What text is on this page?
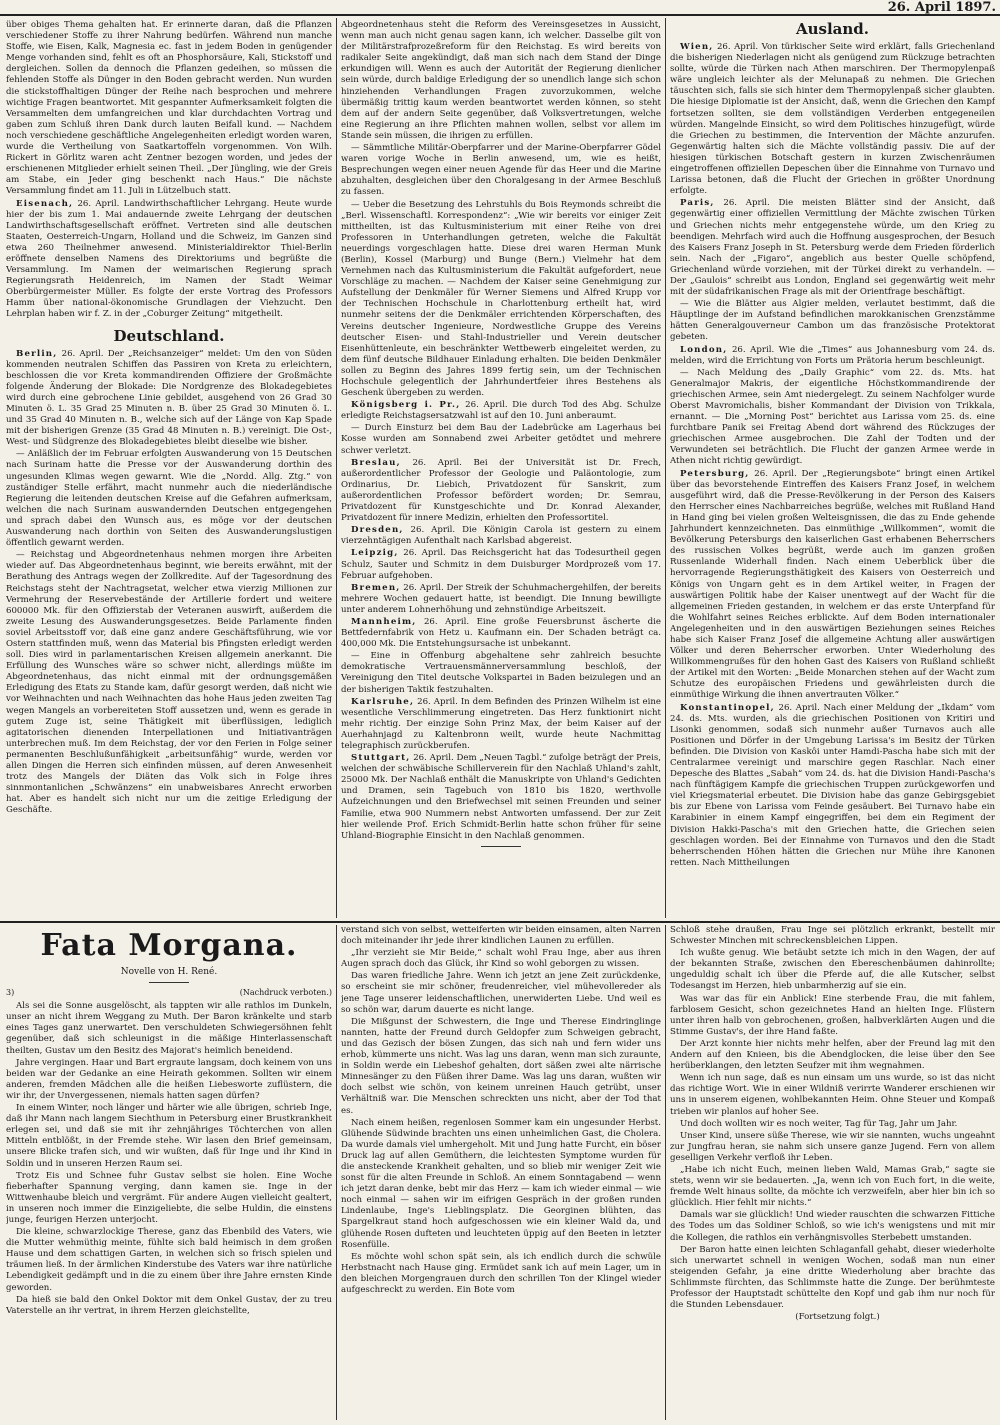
26. April 1897.

über obiges Thema gehalten hat. Er erinnerte daran, daß die Pflanzen verschiedener Stoffe zu ihrer Nahrung bedürfen. Während nun manche Stoffe, wie Eisen, Kalk, Magnesia ec. fast in jedem Boden in genügender Menge vorhanden sind, fehlt es oft an Phosphorsäure, Kali, Stickstoff und dergleichen. Sollen da dennoch die Pflanzen gedeihen, so müssen die fehlenden Stoffe als Dünger in den Boden gebracht werden. Nun wurden die stickstoffhaltigen Dünger der Reihe nach besprochen und mehrere wichtige Fragen beantwortet. Mit gespannter Aufmerksamkeit folgten die Versammelten dem umfangreichen und klar durchdachten Vortrag und gaben zum Schluß ihren Dank durch lauten Beifall kund. — Nachdem noch verschiedene geschäftliche Angelegenheiten erledigt worden waren, wurde die Vertheilung von Saatkartoffeln vorgenommen. Von Wilh. Rickert in Görlitz waren acht Zentner bezogen worden, und jedes der erschienenen Mitglieder erhielt seinen Theil. „Der Jüngling, wie der Greis am Stabe, ein Jeder ging beschenkt nach Haus.“ Die nächste Versammlung findet am 11. Juli in Lützelbuch statt.

Eisenach, 26. April. Landwirthschaftlicher Lehrgang. Heute wurde hier der bis zum 1. Mai andauernde zweite Lehrgang der deutschen Landwirthschaftsgesellschaft eröffnet. Vertreten sind alle deutschen Staaten, Oesterreich-Ungarn, Holland und die Schweiz, im Ganzen sind etwa 260 Theilnehmer anwesend. Ministerialdirektor Thiel-Berlin eröffnete denselben Namens des Direktoriums und begrüßte die Versammlung. Im Namen der weimarischen Regierung sprach Regierungsrath Heidenreich, im Namen der Stadt Weimar Oberbürgermeister Müller. Es folgte der erste Vortrag des Professors Hamm über national-ökonomische Grundlagen der Viehzucht. Den Lehrplan haben wir f. Z. in der „Coburger Zeitung“ mitgetheilt.

Deutschland.

Berlin, 26. April. Der „Reichsanzeiger“ meldet: Um den von Süden kommenden neutralen Schiffen das Passiren von Kreta zu erleichtern, beschlossen die vor Kreta kommandirenden Offiziere der Großmächte folgende Änderung der Blokade: Die Nordgrenze des Blokadegebietes wird durch eine gebrochene Linie gebildet, ausgehend von 26 Grad 30 Minuten ö. L. 35 Grad 25 Minuten n. B. über 25 Grad 30 Minuten ö. L. und 35 Grad 40 Minuten n. B., welche sich auf der Länge von Kap Spade mit der bisherigen Grenze (35 Grad 48 Minuten n. B.) vereinigt. Die Ost-, West- und Südgrenze des Blokadegebietes bleibt dieselbe wie bisher.

— Anläßlich der im Februar erfolgten Auswanderung von 15 Deutschen nach Surinam hatte die Presse vor der Auswanderung dorthin des ungesunden Klimas wegen gewarnt. Wie die „Nordd. Allg. Ztg.“ von zuständiger Stelle erfährt, macht nunmehr auch die niederländische Regierung die leitenden deutschen Kreise auf die Gefahren aufmerksam, welchen die nach Surinam auswandernden Deutschen entgegengehen und sprach dabei den Wunsch aus, es möge vor der deutschen Auswanderung nach dorthin von Seiten des Auswanderungslustigen öffentlich gewarnt werden.

— Reichstag und Abgeordnetenhaus nehmen morgen ihre Arbeiten wieder auf. Das Abgeordnetenhaus beginnt, wie bereits erwähnt, mit der Berathung des Antrags wegen der Zollkredite. Auf der Tagesordnung des Reichstags steht der Nachtragsetat, welcher etwa vierzig Millionen zur Vermehrung der Reservebestände der Artillerie fordert und weitere 600000 Mk. für den Offizierstab der Veteranen auswirft, außerdem die zweite Lesung des Auswanderungsgesetzes. Beide Parlamente finden soviel Arbeitsstoff vor, daß eine ganz andere Geschäftsführung, wie vor Ostern stattfinden muß, wenn das Material bis Pfingsten erledigt werden soll. Dies wird in parlamentarischen Kreisen allgemein anerkannt. Die Erfüllung des Wunsches wäre so schwer nicht, allerdings müßte im Abgeordnetenhaus, das nicht einmal mit der ordnungsgemäßen Erledigung des Etats zu Stande kam, dafür gesorgt werden, daß nicht wie vor Weihnachten und nach Weihnachten das hohe Haus jeden zweiten Tag wegen Mangels an vorbereiteten Stoff aussetzen und, wenn es gerade in gutem Zuge ist, seine Thätigkeit mit überflüssigen, lediglich agitatorischen dienenden Interpellationen und Initiativanträgen unterbrechen muß. Im dem Reichstag, der vor den Ferien in Folge seiner permanenten Beschlußunfähigkeit „arbeitsunfähig“ wurde, werden vor allen Dingen die Herren sich einfinden müssen, auf deren Anwesenheit trotz des Mangels der Diäten das Volk sich in Folge ihres sinnmontanlichen „Schwänzens“ ein unabweisbares Anrecht erworben hat. Aber es handelt sich nicht nur um die zeitige Erledigung der Geschäfte.

Abgeordnetenhaus steht die Reform des Vereinsgesetzes in Aussicht, wenn man auch nicht genau sagen kann, ich welcher. Dasselbe gilt von der Militärstrafprozeßreform für den Reichstag. Es wird bereits von radikaler Seite angekündigt, daß man sich nach dem Stand der Dinge erkundigen will. Wenn es auch der Autorität der Regierung dienlicher sein würde, durch baldige Erledigung der so unendlich lange sich schon hinziehenden Verhandlungen Fragen zuvorzukommen, welche übermäßig trittig kaum werden beantwortet werden können, so steht dem auf der andern Seite gegenüber, daß Volksvertretungen, welche eine Regierung an ihre Pflichten mahnen wollen, selbst vor allem im Stande sein müssen, die ihrigen zu erfüllen.

— Sämmtliche Militär-Oberpfarrer und der Marine-Oberpfarrer Gödel waren vorige Woche in Berlin anwesend, um, wie es heißt, Besprechungen wegen einer neuen Agende für das Heer und die Marine abzuhalten, desgleichen über den Choralgesang in der Armee Beschluß zu fassen.

— Ueber die Besetzung des Lehrstuhls du Bois Reymonds schreibt die „Berl. Wissenschaftl. Korrespondenz“: „Wie wir bereits vor einiger Zeit mittheilten, ist das Kultusministerium mit einer Reihe von drei Professoren in Unterhandlungen getreten, welche die Fakultät neuerdings vorgeschlagen hatte. Diese drei waren Herman Munk (Berlin), Kossel (Marburg) und Bunge (Bern.) Vielmehr hat dem Vernehmen nach das Kultusministerium die Fakultät aufgefordert, neue Vorschläge zu machen. — Nachdem der Kaiser seine Genehmigung zur Aufstellung der Denkmäler für Werner Siemens und Alfred Krupp vor der Technischen Hochschule in Charlottenburg ertheilt hat, wird nunmehr seitens der die Denkmäler errichtenden Körperschaften, des Vereins deutscher Ingenieure, Nordwestliche Gruppe des Vereins deutscher Eisen- und Stahl-Industrieller und Verein deutscher Eisenhüttenleute, ein beschränkter Wettbewerb eingeleitet werden, zu dem fünf deutsche Bildhauer Einladung erhalten. Die beiden Denkmäler sollen zu Beginn des Jahres 1899 fertig sein, um der Technischen Hochschule gelegentlich der Jahrhundertfeier ihres Bestehens als Geschenk übergeben zu werden.

Königsberg i. Pr., 26. April. Die durch Tod des Abg. Schulze erledigte Reichstagsersatzwahl ist auf den 10. Juni anberaumt.

— Durch Einsturz bei dem Bau der Ladebrücke am Lagerhaus bei Kosse wurden am Sonnabend zwei Arbeiter getödtet und mehrere schwer verletzt.

Breslau, 26. April. Bei der Universität ist Dr. Frech, außerordentlicher Professor der Geologie und Paläontologie, zum Ordinarius, Dr. Liebich, Privatdozent für Sanskrit, zum außerordentlichen Professor befördert worden; Dr. Semrau, Privatdozent für Kunstgeschichte und Dr. Konrad Alexander, Privatdozent für innere Medizin, erhielten den Professortitel.

Dresden, 26. April. Die Königin Carola ist gestern zu einem vierzehntägigen Aufenthalt nach Karlsbad abgereist.

Leipzig, 26. April. Das Reichsgericht hat das Todesurtheil gegen Schulz, Sauter und Schmitz in dem Duisburger Mordprozeß vom 17. Februar aufgehoben.

Bremen, 26. April. Der Streik der Schuhmachergehilfen, der bereits mehrere Wochen gedauert hatte, ist beendigt. Die Innung bewilligte unter anderem Lohnerhöhung und zehnstündige Arbeitszeit.

Mannheim, 26. April. Eine große Feuersbrunst äscherte die Bettfedernfabrik von Hetz u. Kaufmann ein. Der Schaden beträgt ca. 400,000 Mk. Die Entstehungsursache ist unbekannt.

— Eine in Offenburg abgehaltene sehr zahlreich besuchte demokratische Vertrauensmännerversammlung beschloß, der Vereinigung den Titel deutsche Volkspartei in Baden beizulegen und an der bisherigen Taktik festzuhalten.

Karlsruhe, 26. April. In dem Befinden des Prinzen Wilhelm ist eine wesentliche Verschlimmerung eingetreten. Das Herz funktionirt nicht mehr richtig. Der einzige Sohn Prinz Max, der beim Kaiser auf der Auerhahnjagd zu Kaltenbronn weilt, wurde heute Nachmittag telegraphisch zurückberufen.

Stuttgart, 26. April. Dem „Neuen Tagbl.“ zufolge beträgt der Preis, welchen der schwäbische Schillerverein für den Nachlaß Uhland's zahlt, 25000 Mk. Der Nachlaß enthält die Manuskripte von Uhland's Gedichten und Dramen, sein Tagebuch von 1810 bis 1820, werthvolle Aufzeichnungen und den Briefwechsel mit seinen Freunden und seiner Familie, etwa 900 Nummern nebst Antworten umfassend. Der zur Zeit hier weilende Prof. Erich Schmidt-Berlin hatte schon früher für seine Uhland-Biographie Einsicht in den Nachlaß genommen.

Ausland.

Wien, 26. April. Von türkischer Seite wird erklärt, falls Griechenland die bisherigen Niederlagen nicht als genügend zum Rückzuge betrachten sollte, würde die Türken nach Athen marschiren. Der Thermopylenpaß wäre ungleich leichter als der Melunapaß zu nehmen. Die Griechen täuschten sich, falls sie sich hinter dem Thermopylenpaß sicher glaubten. Die hiesige Diplomatie ist der Ansicht, daß, wenn die Griechen den Kampf fortsetzen sollten, sie dem vollständigen Verderben entgegeneilen würden. Mangelnde Einsicht, so wird dem Politisches hinzugefügt, würde die Griechen zu bestimmen, die Intervention der Mächte anzurufen. Gegenwärtig halten sich die Mächte vollständig passiv. Die auf der hiesigen türkischen Botschaft gestern in kurzen Zwischenräumen eingetroffenen offiziellen Depeschen über die Einnahme von Turnavo und Larissa betonen, daß die Flucht der Griechen in größter Unordnung erfolgte.

Paris, 26. April. Die meisten Blätter sind der Ansicht, daß gegenwärtig einer offiziellen Vermittlung der Mächte zwischen Türken und Griechen nichts mehr entgegenstehe würde, um den Krieg zu beendigen. Mehrfach wird auch die Hoffnung ausgesprochen, der Besuch des Kaisers Franz Joseph in St. Petersburg werde dem Frieden förderlich sein. Nach der „Figaro“, angeblich aus bester Quelle schöpfend, Griechenland würde vorziehen, mit der Türkei direkt zu verhandeln. — Der „Gaulois“ schreibt aus London, England sei gegenwärtig weit mehr mit der südafrikanischen Frage als mit der Orientfrage beschäftigt.

— Wie die Blätter aus Algier melden, verlautet bestimmt, daß die Häuptlinge der im Aufstand befindlichen marokkanischen Grenzstämme hätten Generalgouverneur Cambon um das französische Protektorat gebeten.

London, 26. April. Wie die „Times“ aus Johannesburg vom 24. ds. melden, wird die Errichtung von Forts um Prätoria herum beschleunigt.

— Nach Meldung des „Daily Graphic“ vom 22. ds. Mts. hat Generalmajor Makris, der eigentliche Höchstkommandirende der griechischen Armee, sein Amt niedergelegt. Zu seinem Nachfolger wurde Oberst Mavromichalis, bisher Kommandant der Division von Trikkala, ernannt. — Die „Morning Post“ berichtet aus Larissa vom 25. ds. eine furchtbare Panik sei Freitag Abend dort während des Rückzuges der griechischen Armee ausgebrochen. Die Zahl der Todten und der Verwundeten sei beträchtlich. Die Flucht der ganzen Armee werde in Athen nicht richtig gewürdigt.

Petersburg, 26. April. Der „Regierungsbote“ bringt einen Artikel über das bevorstehende Eintreffen des Kaisers Franz Josef, in welchem ausgeführt wird, daß die Presse-Revölkerung in der Person des Kaisers den Herrscher eines Nachbarreiches begrüße, welches mit Rußland Hand in Hand ging bei vielen großen Welteisgnissen, die das zu Ende gehende Jahrhundert kennzeichneten. Das einmüthige „Willkommen“, womit die Bevölkerung Petersburgs den kaiserlichen Gast erhabenen Beherrschers des russischen Volkes begrüßt, werde auch im ganzen großen Russenlande Widerhall finden. Nach einem Ueberblick über die hervorragende Regierungsthätigkeit des Kaisers von Oesterreich und Königs von Ungarn geht es in dem Artikel weiter, in Fragen der auswärtigen Politik habe der Kaiser unentwegt auf der Wacht für die allgemeinen Frieden gestanden, in welchem er das erste Unterpfand für die Wohlfahrt seines Reiches erblickte. Auf dem Boden internationaler Angelegenheiten und in den auswärtigen Beziehungen seines Reiches habe sich Kaiser Franz Josef die allgemeine Achtung aller auswärtigen Völker und deren Beherrscher erworben. Unter Wiederholung des Willkommengrußes für den hohen Gast des Kaisers von Rußland schließt der Artikel mit den Worten: „Beide Monarchen stehen auf der Wacht zum Schutze des europäischen Friedens und gewährleisten durch die einmüthige Wirkung die ihnen anvertrauten Völker.“

Konstantinopel, 26. April. Nach einer Meldung der „Ikdam“ vom 24. ds. Mts. wurden, als die griechischen Positionen von Kritiri und Lisonki genommen, sodaß sich nunmehr außer Turnavos auch alle Positionen und Dörfer in der Umgebung Larissa's im Besitz der Türken befinden. Die Division von Kaskôi unter Hamdi-Pascha habe sich mit der Centralarmee vereinigt und marschire gegen Raschlar. Nach einer Depesche des Blattes „Sabah“ vom 24. ds. hat die Division Handi-Pascha's nach fünftägigem Kampfe die griechischen Truppen zurückgeworfen und viel Kriegsmaterial erbeutet. Die Division habe das ganze Gebirgsgebiet bis zur Ebene von Larissa vom Feinde gesäubert. Bei Turnavo habe ein Karabinier in einem Kampf eingegriffen, bei dem ein Regiment der Division Hakki-Pascha's mit den Griechen hatte, die Griechen seien geschlagen worden. Bei der Einnahme von Turnavos und den die Stadt beherrschenden Höhen hätten die Griechen nur Mühe ihre Kanonen retten. Nach Mittheilungen

Fata Morgana.
Novelle von H. René.
3)	(Nachdruck verboten.)

Als sei die Sonne ausgelöscht, als tappten wir alle rathlos im Dunkeln, unser an nicht ihrem Weggang zu Muth. Der Baron kränkelte und starb eines Tages ganz unerwartet. Den verschuldeten Schwiegersöhnen fehlt gegenüber, daß sich schleunigst in die mäßige Hinterlassenschaft theilten, Gustav um den Besitz des Majorat's heimlich beneidend.

Jahre vergingen. Haar und Bart ergraute langsam, doch keinem von uns beiden war der Gedanke an eine Heirath gekommen. Sollten wir einem anderen, fremden Mädchen alle die heißen Liebesworte zuflüstern, die wir ihr, der Unvergessenen, niemals hatten sagen dürfen?

In einem Winter, noch länger und härter wie alle übrigen, schrieb Inge, daß ihr Mann nach langem Siechthum in Petersburg einer Brustkrankheit erlegen sei, und daß sie mit ihr zehnjähriges Töchterchen von allen Mitteln entblößt, in der Fremde stehe. Wir lasen den Brief gemeinsam, unsere Blicke trafen sich, und wir wußten, daß für Inge und ihr Kind in Soldin und in unseren Herzen Raum sei.

Trotz Eis und Schnee fuhr Gustav selbst sie holen. Eine Woche fieberhafter Spannung verging, dann kamen sie. Inge in der Wittwenhaube bleich und vergrämt. Für andere Augen vielleicht gealtert, in unseren noch immer die Einzigeliebte, die selbe Huldin, die einstens junge, feurigen Herzen unterjocht.

Die kleine, schwarzlockige Therese, ganz das Ebenbild des Vaters, wie die Mutter wehmüthig meinte, fühlte sich bald heimisch in dem großen Hause und dem schattigen Garten, in welchen sich so frisch spielen und träumen ließ. In der ärmlichen Kinderstube des Vaters war ihre natürliche Lebendigkeit gedämpft und in die zu einem über ihre Jahre ernsten Kinde geworden.

Da hieß sie bald den Onkel Doktor mit dem Onkel Gustav, der zu treu Vaterstelle an ihr vertrat, in ihrem Herzen gleichstellte,

verstand sich von selbst, wetteiferten wir beiden einsamen, alten Narren doch miteinander ihr jede ihrer kindlichen Launen zu erfüllen.

„Ihr verzieht sie Mir Beide,“ schalt wohl Frau Inge, aber aus ihren Augen sprach doch das Glück, ihr Kind so wohl geborgen zu wissen.

Das waren friedliche Jahre. Wenn ich jetzt an jene Zeit zurückdenke, so erscheint sie mir schöner, freudenreicher, viel mühevollereder als jene Tage unserer leidenschaftlichen, unerwiderten Liebe. Und weil es so schön war, darum dauerte es nicht lange.

Die Mißgunst der Schwestern, die Inge und Therese Eindringlinge nannten, hatte der Freund durch Geldopfer zum Schweigen gebracht, und das Gezisch der bösen Zungen, das sich nah und fern wider uns erhob, kümmerte uns nicht. Was lag uns daran, wenn man sich zuraunte, in Soldin werde ein Liebeshof gehalten, dort säßen zwei alte närrische Minnesänger zu den Füßen ihrer Dame. Was lag uns daran, wußten wir doch selbst wie schön, von keinem unreinen Hauch getrübt, unser Verhältniß war. Die Menschen schreckten uns nicht, aber der Tod that es.

Nach einem heißen, regenlosen Sommer kam ein ungesunder Herbst. Glühende Südwinde brachten uns einen unheimlichen Gast, die Cholera. Da wurde damals viel umhergeholt. Mit und Jung hatte Furcht, ein böser Druck lag auf allen Gemüthern, die leichtesten Symptome wurden für die ansteckende Krankheit gehalten, und so blieb mir weniger Zeit wie sonst für die alten Freunde in Schloß. An einem Sonntagabend — wenn ich jetzt daran denke, bebt mir das Herz — kam ich wieder einmal — wie noch einmal — sahen wir im eifrigen Gespräch in der großen runden Lindenlaube, Inge's Lieblingsplatz. Die Georginen blühten, das Spargelkraut stand hoch aufgeschossen wie ein kleiner Wald da, und glühende Rosen dufteten und leuchteten üppig auf den Beeten in letzter Rosenfülle.

Es möchte wohl schon spät sein, als ich endlich durch die schwüle Herbstnacht nach Hause ging. Ermüdet sank ich auf mein Lager, um in den bleichen Morgengrauen durch den schrillen Ton der Klingel wieder aufgeschreckt zu werden. Ein Bote vom

Schloß stehe draußen, Frau Inge sei plötzlich erkrankt, bestellt mir Schwester Minchen mit schreckensbleichen Lippen.

Ich wußte genug. Wie betäubt setzte ich mich in den Wagen, der auf der bekannten Straße, zwischen den Ebereschenbäumen dahinrollte; ungeduldig schalt ich über die Pferde auf, die alle Kutscher, selbst Todesangst im Herzen, hieb unbarmherzig auf sie ein.

Was war das für ein Anblick! Eine sterbende Frau, die mit fahlem, farblosem Gesicht, schon gezeichnetes Hand an hielten Inge. Flüstern unter ihren halb von gebrochenen, großen, halbverklärten Augen und die Stimme Gustav's, der ihre Hand faßte.

Der Arzt konnte hier nichts mehr helfen, aber der Freund lag mit den Andern auf den Knieen, bis die Abendglocken, die leise über den See herüberklangen, den letzten Seufzer mit ihm wegnahmen.

Wenn ich nun sage, daß es nun einsam um uns wurde, so ist das nicht das richtige Wort. Wie in einer Wildniß verirrte Wanderer erschienen wir uns in unserem eigenen, wohlbekannten Heim. Ohne Steuer und Kompaß trieben wir planlos auf hoher See.

Und doch wollten wir es noch weiter, Tag für Tag, Jahr um Jahr.

Unser Kind, unsere süße Therese, wie wir sie nannten, wuchs ungeahnt zur Jungfrau heran, sie nahm sich unsere ganze Jugend. Fern von allem geselligen Verkehr verfloß ihr Leben.

„Habe ich nicht Euch, meinen lieben Wald, Mamas Grab,“ sagte sie stets, wenn wir sie bedauerten. „Ja, wenn ich von Euch fort, in die weite, fremde Welt hinaus sollte, da möchte ich verzweifeln, aber hier bin ich so glücklich. Hier fehlt mir nichts.“

Damals war sie glücklich! Und wieder rauschten die schwarzen Fittiche des Todes um das Soldiner Schloß, so wie ich's wenigstens und mit mir die Kollegen, die rathlos ein verhängnisvolles Sterbebett umstanden.

Der Baron hatte einen leichten Schlaganfall gehabt, dieser wiederholte sich unerwartet schnell in wenigen Wochen, sodaß man nun einer steigenden Gefahr, ja eine dritte Wiederholung aber brachte das Schlimmste fürchten, das Schlimmste hatte die Zunge. Der berühmteste Professor der Hauptstadt schüttelte den Kopf und gab ihm nur noch für die Stunden Lebensdauer.

(Fortsetzung folgt.)
